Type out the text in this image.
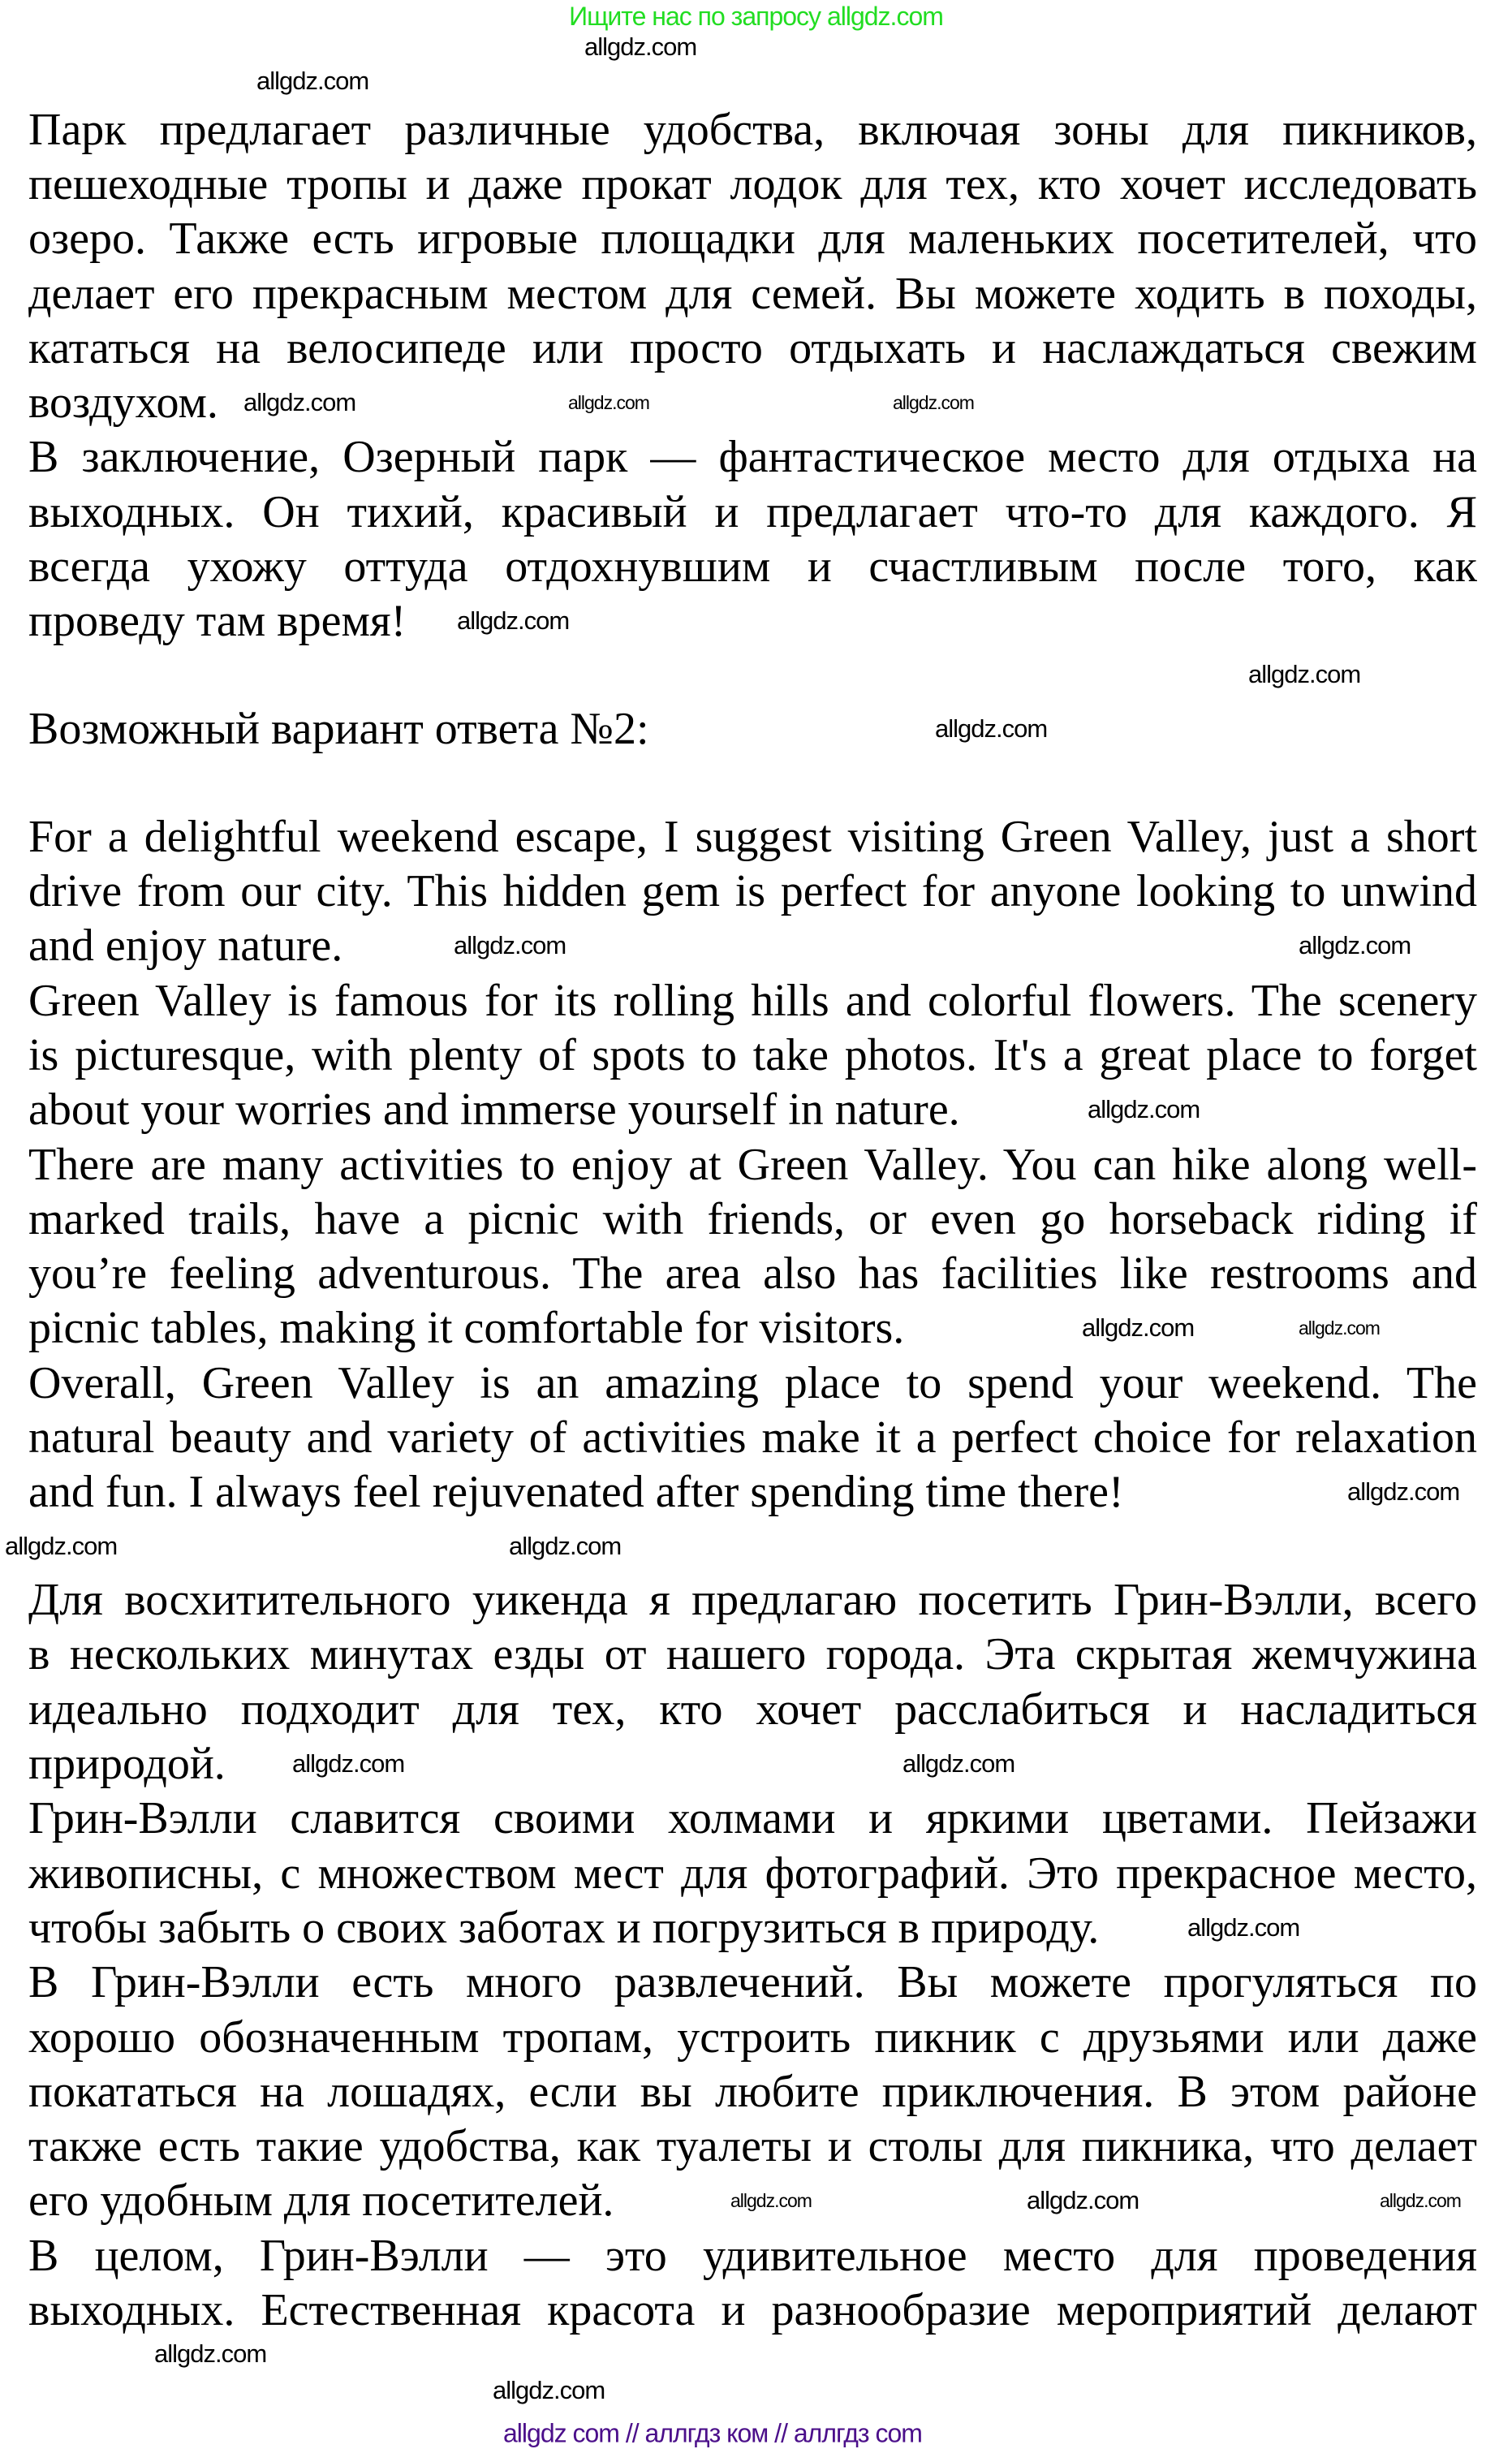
Ищите нас по запросу allgdz.com
Парк предлагает различные удобства, включая зоны для пикников,
пешеходные тропы и даже прокат лодок для тех, кто хочет исследовать
озеро. Также есть игровые площадки для маленьких посетителей, что
делает его прекрасным местом для семей. Вы можете ходить в походы,
кататься на велосипеде или просто отдыхать и наслаждаться свежим
воздухом.
В заключение, Озерный парк — фантастическое место для отдыха на
выходных. Он тихий, красивый и предлагает что-то для каждого. Я
всегда ухожу оттуда отдохнувшим и счастливым после того, как
проведу там время!
Возможный вариант ответа №2:
For a delightful weekend escape, I suggest visiting Green Valley, just a short
drive from our city. This hidden gem is perfect for anyone looking to unwind
and enjoy nature.
Green Valley is famous for its rolling hills and colorful flowers. The scenery
is picturesque, with plenty of spots to take photos. It's a great place to forget
about your worries and immerse yourself in nature.
There are many activities to enjoy at Green Valley. You can hike along well-
marked trails, have a picnic with friends, or even go horseback riding if
you’re feeling adventurous. The area also has facilities like restrooms and
picnic tables, making it comfortable for visitors.
Overall, Green Valley is an amazing place to spend your weekend. The
natural beauty and variety of activities make it a perfect choice for relaxation
and fun. I always feel rejuvenated after spending time there!
Для восхитительного уикенда я предлагаю посетить Грин-Вэлли, всего
в нескольких минутах езды от нашего города. Эта скрытая жемчужина
идеально подходит для тех, кто хочет расслабиться и насладиться
природой.
Грин-Вэлли славится своими холмами и яркими цветами. Пейзажи
живописны, с множеством мест для фотографий. Это прекрасное место,
чтобы забыть о своих заботах и погрузиться в природу.
В Грин-Вэлли есть много развлечений. Вы можете прогуляться по
хорошо обозначенным тропам, устроить пикник с друзьями или даже
покататься на лошадях, если вы любите приключения. В этом районе
также есть такие удобства, как туалеты и столы для пикника, что делает
его удобным для посетителей.
В целом, Грин-Вэлли — это удивительное место для проведения
выходных. Естественная красота и разнообразие мероприятий делают
allgdz.com
allgdz.com
allgdz.com
allgdz.com
allgdz.com
allgdz.com
allgdz.com
allgdz.com
allgdz.com	allgdz.com
allgdz.com
allgdz.com
allgdz.com
allgdz.com
allgdz.com	allgdz.com
allgdz.com
allgdz.com
allgdz.com
allgdz.com	allgdz.com
allgdz.com
allgdz.com
allgdz.com
allgdz com // аллгдз ком // аллгдз com
